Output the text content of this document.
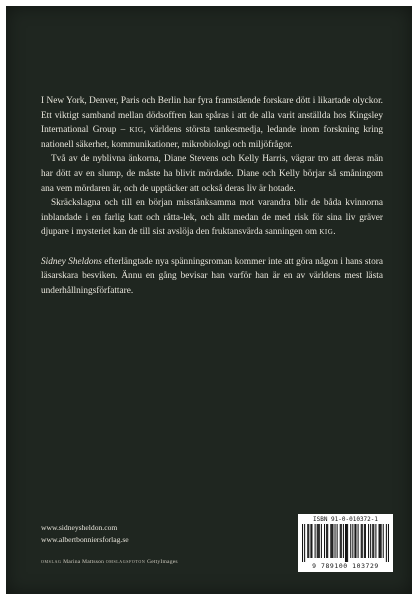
I New York, Denver, Paris och Berlin har fyra framstående forskare dött i likartade olyckor. Ett viktigt samband mellan dödsoffren kan spåras i att de alla varit anställda hos Kingsley International Group – kig, världens största tankesmedja, ledande inom forskning kring nationell säkerhet, kommunikationer, mikrobiologi och miljöfrågor.

Två av de nyblivna änkorna, Diane Stevens och Kelly Harris, vägrar tro att deras män har dött av en slump, de måste ha blivit mördade. Diane och Kelly börjar så småningom ana vem mördaren är, och de upptäcker att också deras liv är hotade.

Skräckslagna och till en början misstänksamma mot varandra blir de båda kvinnorna inblandade i en farlig katt och råtta-lek, och allt medan de med risk för sina liv gräver djupare i mysteriet kan de till sist avslöja den fruktansvärda sanningen om kig.

Sidney Sheldons efterlängtade nya spänningsroman kommer inte att göra någon i hans stora läsarskara besviken. Ännu en gång bevisar han varför han är en av världens mest lästa underhållningsförfattare.

www.sidneysheldon.com
www.albertbonniersforlag.se
omslag Marina Mattsson omslagsfoton GettyImages
ISBN 91-0-010372-1
9 789100 103729
